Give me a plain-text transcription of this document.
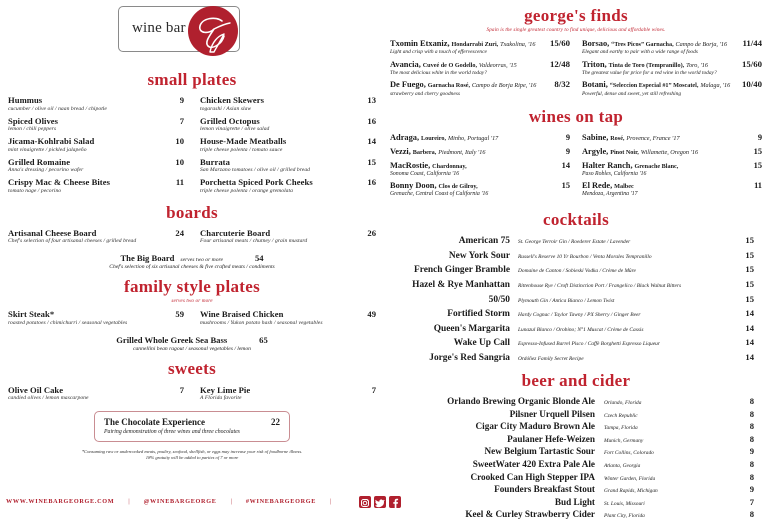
wine bar
small plates
Hummus	9
cucumber / olive oil / naan bread / chipotle
Chicken Skewers	13
togarashi / Asian slaw
Spiced Olives	7
lemon / chili peppers
Grilled Octopus	16
lemon vinaigrette / olive salad
Jicama-Kohlrabi Salad	10
mint vinaigrette / pickled jalapeño
House-Made Meatballs	14
triple cheese polenta / tomato sauce
Grilled Romaine	10
Anna's dressing / pecorino wafer
Burrata	15
San Marzano tomatoes / olive oil / grilled bread
Crispy Mac & Cheese Bites	11
tomato nage / pecorino
Porchetta Spiced Pork Cheeks	16
triple cheese polenta / orange gremolata
boards
Artisanal Cheese Board	24
Chef's selection of four artisanal cheeses / grilled bread
Charcuterie Board	26
Four artisanal meats / chutney / grain mustard
The Big Board serves two or more	54
Chef's selection of six artisanal cheeses & five crafted meats / condiments
family style plates
serves two or more
Skirt Steak*	59
roasted potatoes / chimichurri / seasonal vegetables
Wine Braised Chicken	49
mushrooms / Yukon potato hash / seasonal vegetables
Grilled Whole Greek Sea Bass	65
cannellini bean ragout / seasonal vegetables / lemon
sweets
Olive Oil Cake	7
candied olives / lemon mascarpone
Key Lime Pie	7
A Florida favorite
The Chocolate Experience	22
Pairing demonstration of three wines and three chocolates
*Consuming raw or undercooked meats, poultry, seafood, shellfish, or eggs may increase your risk of foodborne illness.
18% gratuity will be added to parties of 7 or more
george's finds
Spain is the single greatest country to find unique, delicious and affordable wines.
Txomin Etxaniz, Hondarrabi Zuri, Txakolina, '16	15/60
Light and crisp with a touch of effervescence
Borsao, “Tres Picos” Garnacha, Campo de Borja, '16	11/44
Elegant and earthy to pair with a wide range of foods
Avancia, Cuveé de O Godello, Valdeorras, '15	12/48
The most delicious white in the world today?
Triton, Tinta de Toro (Tempranillo), Toro, '16	15/60
The greatest value for price for a red wine in the world today?
De Fuego, Garnacha Rosé, Campo de Borja Ripe, '16	8/32
strawberry and cherry goodness
Botani, “Seleccion Especial #1” Moscatel, Malaga, '16	10/40
Powerful, dense and sweet, yet still refreshing
wines on tap
Adraga, Loureiro, Minho, Portugal '17	9 Sabine, Rosé, Provence, France '17	9
Vezzi, Barbera, Piedmont, Italy '16	9 Argyle, Pinot Noir, Willamette, Oregon '16	15
MacRostie, Chardonnay,	14
Sonoma Coast, California '16
Halter Ranch, Grenache Blanc,	15
Paso Robles, California '16
Bonny Doon, Clos de Gilroy,	15
Grenache, Central Coast of California '16
El Rede, Malbec	11
Mendoza, Argentina '17
cocktails
American 75	St. George Terroir Gin / Roederer Estate / Lavender	15
New York Sour	Russell's Reserve 10 Yr Bourbon / Venta Morales Tempranillo	15
French Ginger Bramble	Domaine de Canton / Sobieski Vodka / Crème de Mûre	15
Hazel & Rye Manhattan	Rittenhouse Rye / Croft Distinction Port / Frangelico / Black Walnut Bitters	15
50/50	Plymouth Gin / Antica Bianco / Lemon Twist	15
Fortified Storm	Hardy Cognac / Taylor Tawny / PX Sherry / Ginger Beer	14
Queen's Margarita	Lunazul Blanco / Orobino; N°1 Muscat / Crème de Cassis	14
Wake Up Call	Espresso-Infused Barrel Pisco / Caffè Borghetti Espresso Liqueur	14
Jorge's Red Sangria	Ordóñez Family Secret Recipe	14
beer and cider
Orlando Brewing Organic Blonde Ale	Orlando, Florida	8
Pilsner Urquell Pilsen	Czech Republic	8
Cigar City Maduro Brown Ale	Tampa, Florida	8
Paulaner Hefe-Weizen	Munich, Germany	8
New Belgium Tartastic Sour	Fort Collins, Colorado	9
SweetWater 420 Extra Pale Ale	Atlanta, Georgia	8
Crooked Can High Stepper IPA	Winter Garden, Florida	8
Founders Breakfast Stout	Grand Rapids, Michigan	9
Bud Light	St. Louis, Missouri	7
Keel & Curley Strawberry Cider	Plant City, Florida	8
WWW.WINEBARGEORGE.COM | @WINEBARGEORGE | #WINEBARGEORGE |
